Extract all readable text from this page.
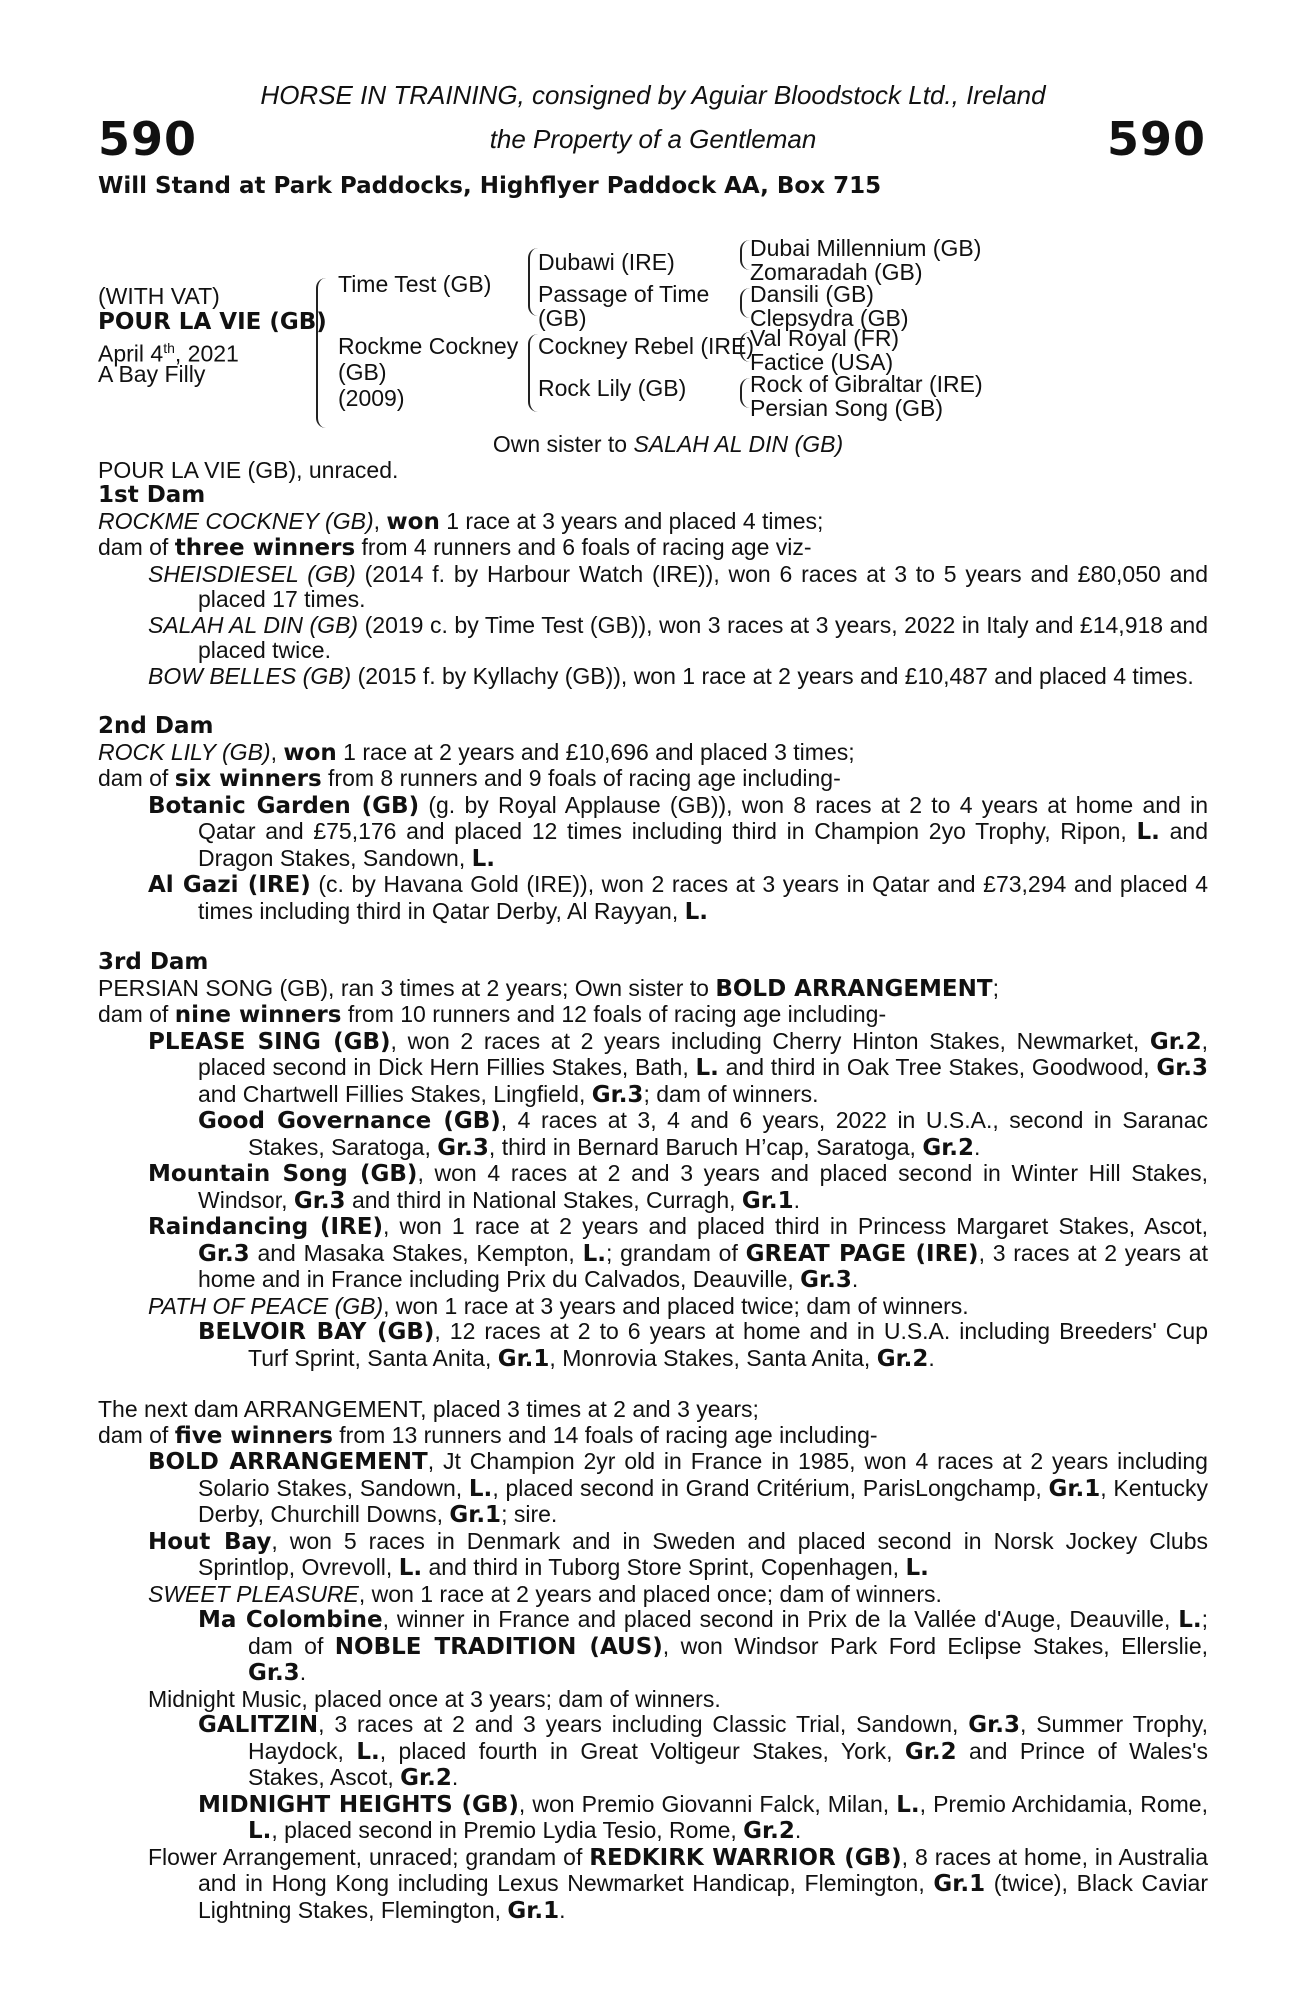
590	590
HORSE IN TRAINING, consigned by Aguiar Bloodstock Ltd., Ireland
the Property of a Gentleman
Will Stand at Park Paddocks, Highflyer Paddock AA, Box 715
(WITH VAT)
POUR LA VIE (GB)
April 4th, 2021
A Bay Filly
Time Test (GB)
Rockme Cockney
(GB)
(2009)
Dubawi (IRE)
Passage of Time
(GB)
Cockney Rebel (IRE)
Rock Lily (GB)
Dubai Millennium (GB)
Zomaradah (GB)
Dansili (GB)
Clepsydra (GB)
Val Royal (FR)
Factice (USA)
Rock of Gibraltar (IRE)
Persian Song (GB)

Own sister to SALAH AL DIN (GB)

POUR LA VIE (GB), unraced.

1st Dam

ROCKME COCKNEY (GB), won 1 race at 3 years and placed 4 times;

dam of three winners from 4 runners and 6 foals of racing age viz-

SHEISDIESEL (GB) (2014 f. by Harbour Watch (IRE)), won 6 races at 3 to 5 years and £80,050 and placed 17 times.

SALAH AL DIN (GB) (2019 c. by Time Test (GB)), won 3 races at 3 years, 2022 in Italy and £14,918 and placed twice.

BOW BELLES (GB) (2015 f. by Kyllachy (GB)), won 1 race at 2 years and £10,487 and placed 4 times.

2nd Dam

ROCK LILY (GB), won 1 race at 2 years and £10,696 and placed 3 times;

dam of six winners from 8 runners and 9 foals of racing age including-

Botanic Garden (GB) (g. by Royal Applause (GB)), won 8 races at 2 to 4 years at home and in Qatar and £75,176 and placed 12 times including third in Champion 2yo Trophy, Ripon, L. and Dragon Stakes, Sandown, L.

Al Gazi (IRE) (c. by Havana Gold (IRE)), won 2 races at 3 years in Qatar and £73,294 and placed 4 times including third in Qatar Derby, Al Rayyan, L.

3rd Dam

PERSIAN SONG (GB), ran 3 times at 2 years; Own sister to BOLD ARRANGEMENT;

dam of nine winners from 10 runners and 12 foals of racing age including-

PLEASE SING (GB), won 2 races at 2 years including Cherry Hinton Stakes, Newmarket, Gr.2, placed second in Dick Hern Fillies Stakes, Bath, L. and third in Oak Tree Stakes, Goodwood, Gr.3 and Chartwell Fillies Stakes, Lingfield, Gr.3; dam of winners.

Good Governance (GB), 4 races at 3, 4 and 6 years, 2022 in U.S.A., second in Saranac Stakes, Saratoga, Gr.3, third in Bernard Baruch H’cap, Saratoga, Gr.2.

Mountain Song (GB), won 4 races at 2 and 3 years and placed second in Winter Hill Stakes, Windsor, Gr.3 and third in National Stakes, Curragh, Gr.1.

Raindancing (IRE), won 1 race at 2 years and placed third in Princess Margaret Stakes, Ascot, Gr.3 and Masaka Stakes, Kempton, L.; grandam of GREAT PAGE (IRE), 3 races at 2 years at home and in France including Prix du Calvados, Deauville, Gr.3.

PATH OF PEACE (GB), won 1 race at 3 years and placed twice; dam of winners.

BELVOIR BAY (GB), 12 races at 2 to 6 years at home and in U.S.A. including Breeders' Cup Turf Sprint, Santa Anita, Gr.1, Monrovia Stakes, Santa Anita, Gr.2.

The next dam ARRANGEMENT, placed 3 times at 2 and 3 years;

dam of five winners from 13 runners and 14 foals of racing age including-

BOLD ARRANGEMENT, Jt Champion 2yr old in France in 1985, won 4 races at 2 years including Solario Stakes, Sandown, L., placed second in Grand Critérium, ParisLongchamp, Gr.1, Kentucky Derby, Churchill Downs, Gr.1; sire.

Hout Bay, won 5 races in Denmark and in Sweden and placed second in Norsk Jockey Clubs Sprintlop, Ovrevoll, L. and third in Tuborg Store Sprint, Copenhagen, L.

SWEET PLEASURE, won 1 race at 2 years and placed once; dam of winners.

Ma Colombine, winner in France and placed second in Prix de la Vallée d'Auge, Deauville, L.; dam of NOBLE TRADITION (AUS), won Windsor Park Ford Eclipse Stakes, Ellerslie, Gr.3.

Midnight Music, placed once at 3 years; dam of winners.

GALITZIN, 3 races at 2 and 3 years including Classic Trial, Sandown, Gr.3, Summer Trophy, Haydock, L., placed fourth in Great Voltigeur Stakes, York, Gr.2 and Prince of Wales's Stakes, Ascot, Gr.2.

MIDNIGHT HEIGHTS (GB), won Premio Giovanni Falck, Milan, L., Premio Archidamia, Rome, L., placed second in Premio Lydia Tesio, Rome, Gr.2.

Flower Arrangement, unraced; grandam of REDKIRK WARRIOR (GB), 8 races at home, in Australia and in Hong Kong including Lexus Newmarket Handicap, Flemington, Gr.1 (twice), Black Caviar Lightning Stakes, Flemington, Gr.1.
